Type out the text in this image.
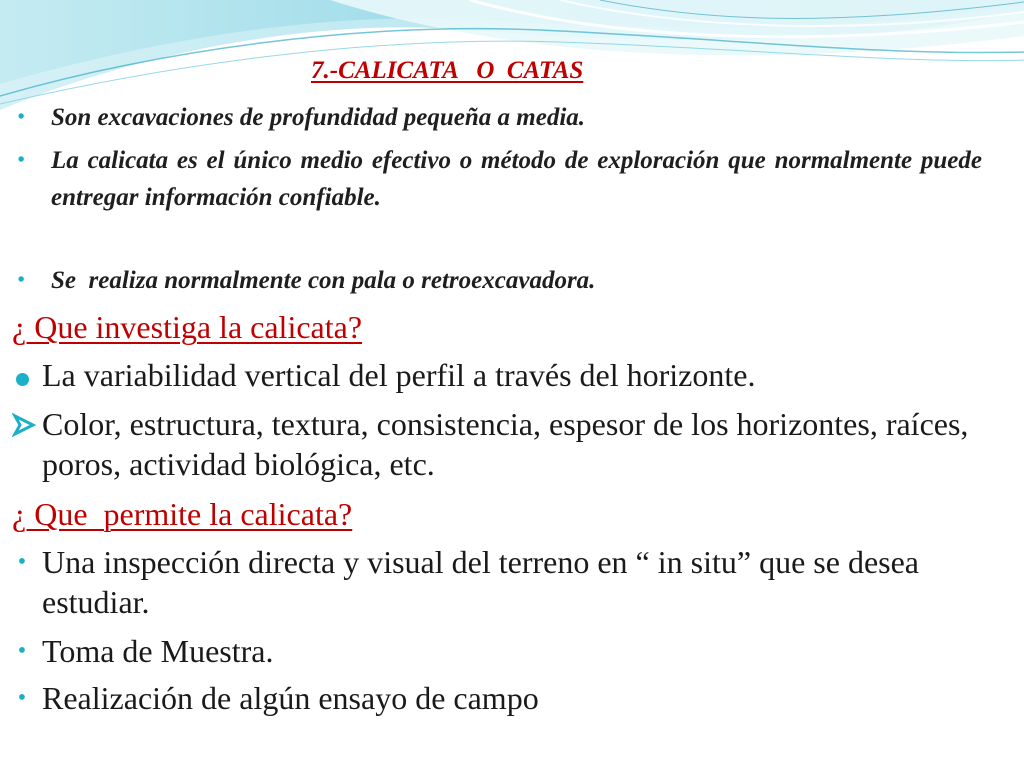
7.-CALICATA   O  CATAS
• Son excavaciones de profundidad pequeña a media.
• La calicata es el único medio efectivo o método de exploración que normalmente puede entregar información confiable.
• Se  realiza normalmente con pala o retroexcavadora.
¿ Que investiga la calicata?
La variabilidad vertical del perfil a través del horizonte.
Color, estructura, textura, consistencia, espesor de los horizontes, raíces, poros, actividad biológica, etc.
¿ Que  permite la calicata?
• Una inspección directa y visual del terreno en “ in situ” que se desea estudiar.
• Toma de Muestra.
• Realización de algún ensayo de campo
